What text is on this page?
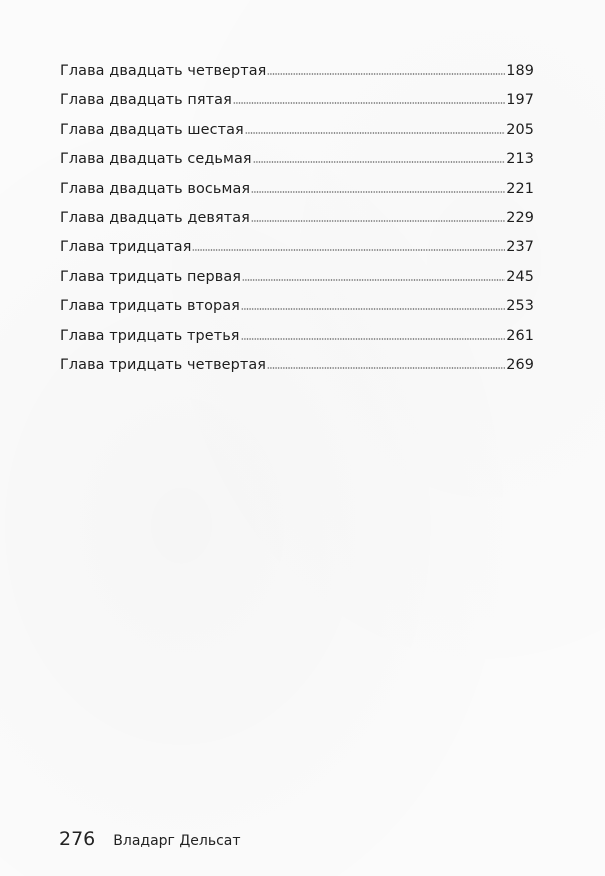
Глава двадцать четвертая	189
Глава двадцать пятая	197
Глава двадцать шестая	205
Глава двадцать седьмая	213
Глава двадцать восьмая	221
Глава двадцать девятая	229
Глава тридцатая	237
Глава тридцать первая	245
Глава тридцать вторая	253
Глава тридцать третья	261
Глава тридцать четвертая	269
276 Владарг Дельсат
